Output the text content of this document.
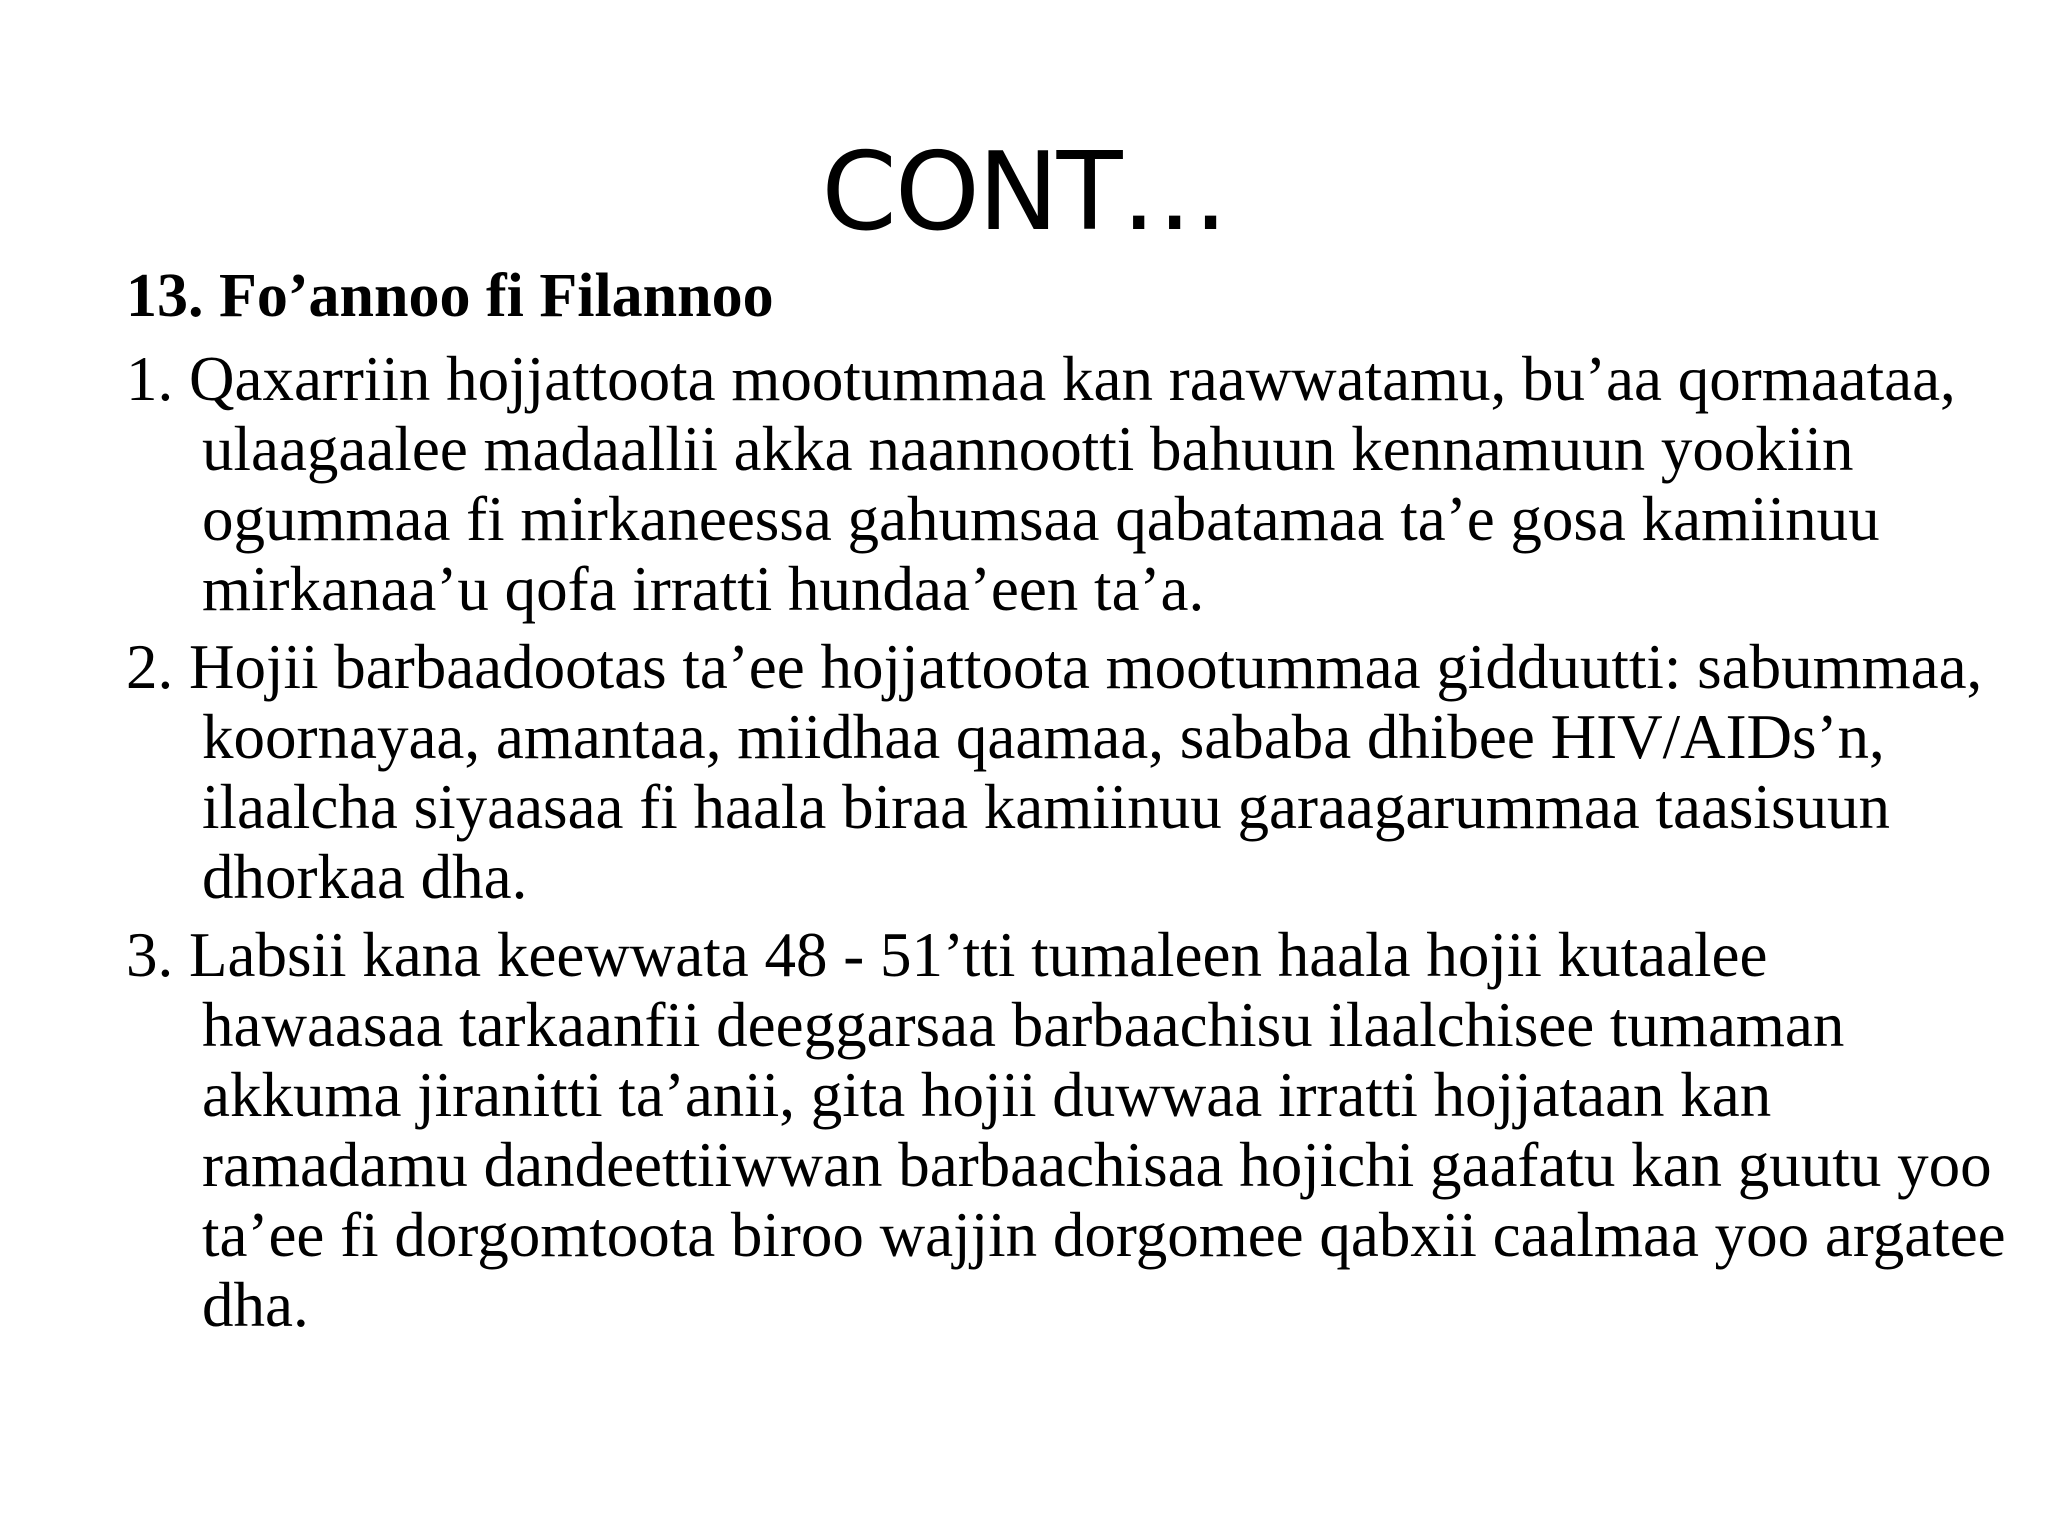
CONT…
13. Fo’annoo fi Filannoo
1. Qaxarriin hojjattoota mootummaa kan raawwatamu, bu’aa qormaataa, ulaagaalee madaallii akka naannootti bahuun kennamuun yookiin ogummaa fi mirkaneessa gahumsaa qabatamaa ta’e gosa kamiinuu mirkanaa’u qofa irratti hundaa’een ta’a.
2. Hojii barbaadootas ta’ee hojjattoota mootummaa gidduutti: sabummaa, koornayaa, amantaa, miidhaa qaamaa, sababa dhibee HIV/AIDs’n, ilaalcha siyaasaa fi haala biraa kamiinuu garaagarummaa taasisuun dhorkaa dha.
3. Labsii kana keewwata 48 - 51’tti tumaleen haala hojii kutaalee hawaasaa tarkaanfii deeggarsaa barbaachisu ilaalchisee tumaman akkuma jiranitti ta’anii, gita hojii duwwaa irratti hojjataan kan ramadamu dandeettiiwwan barbaachisaa hojichi gaafatu kan guutu yoo ta’ee fi dorgomtoota biroo wajjin dorgomee qabxii caalmaa yoo argatee dha.
